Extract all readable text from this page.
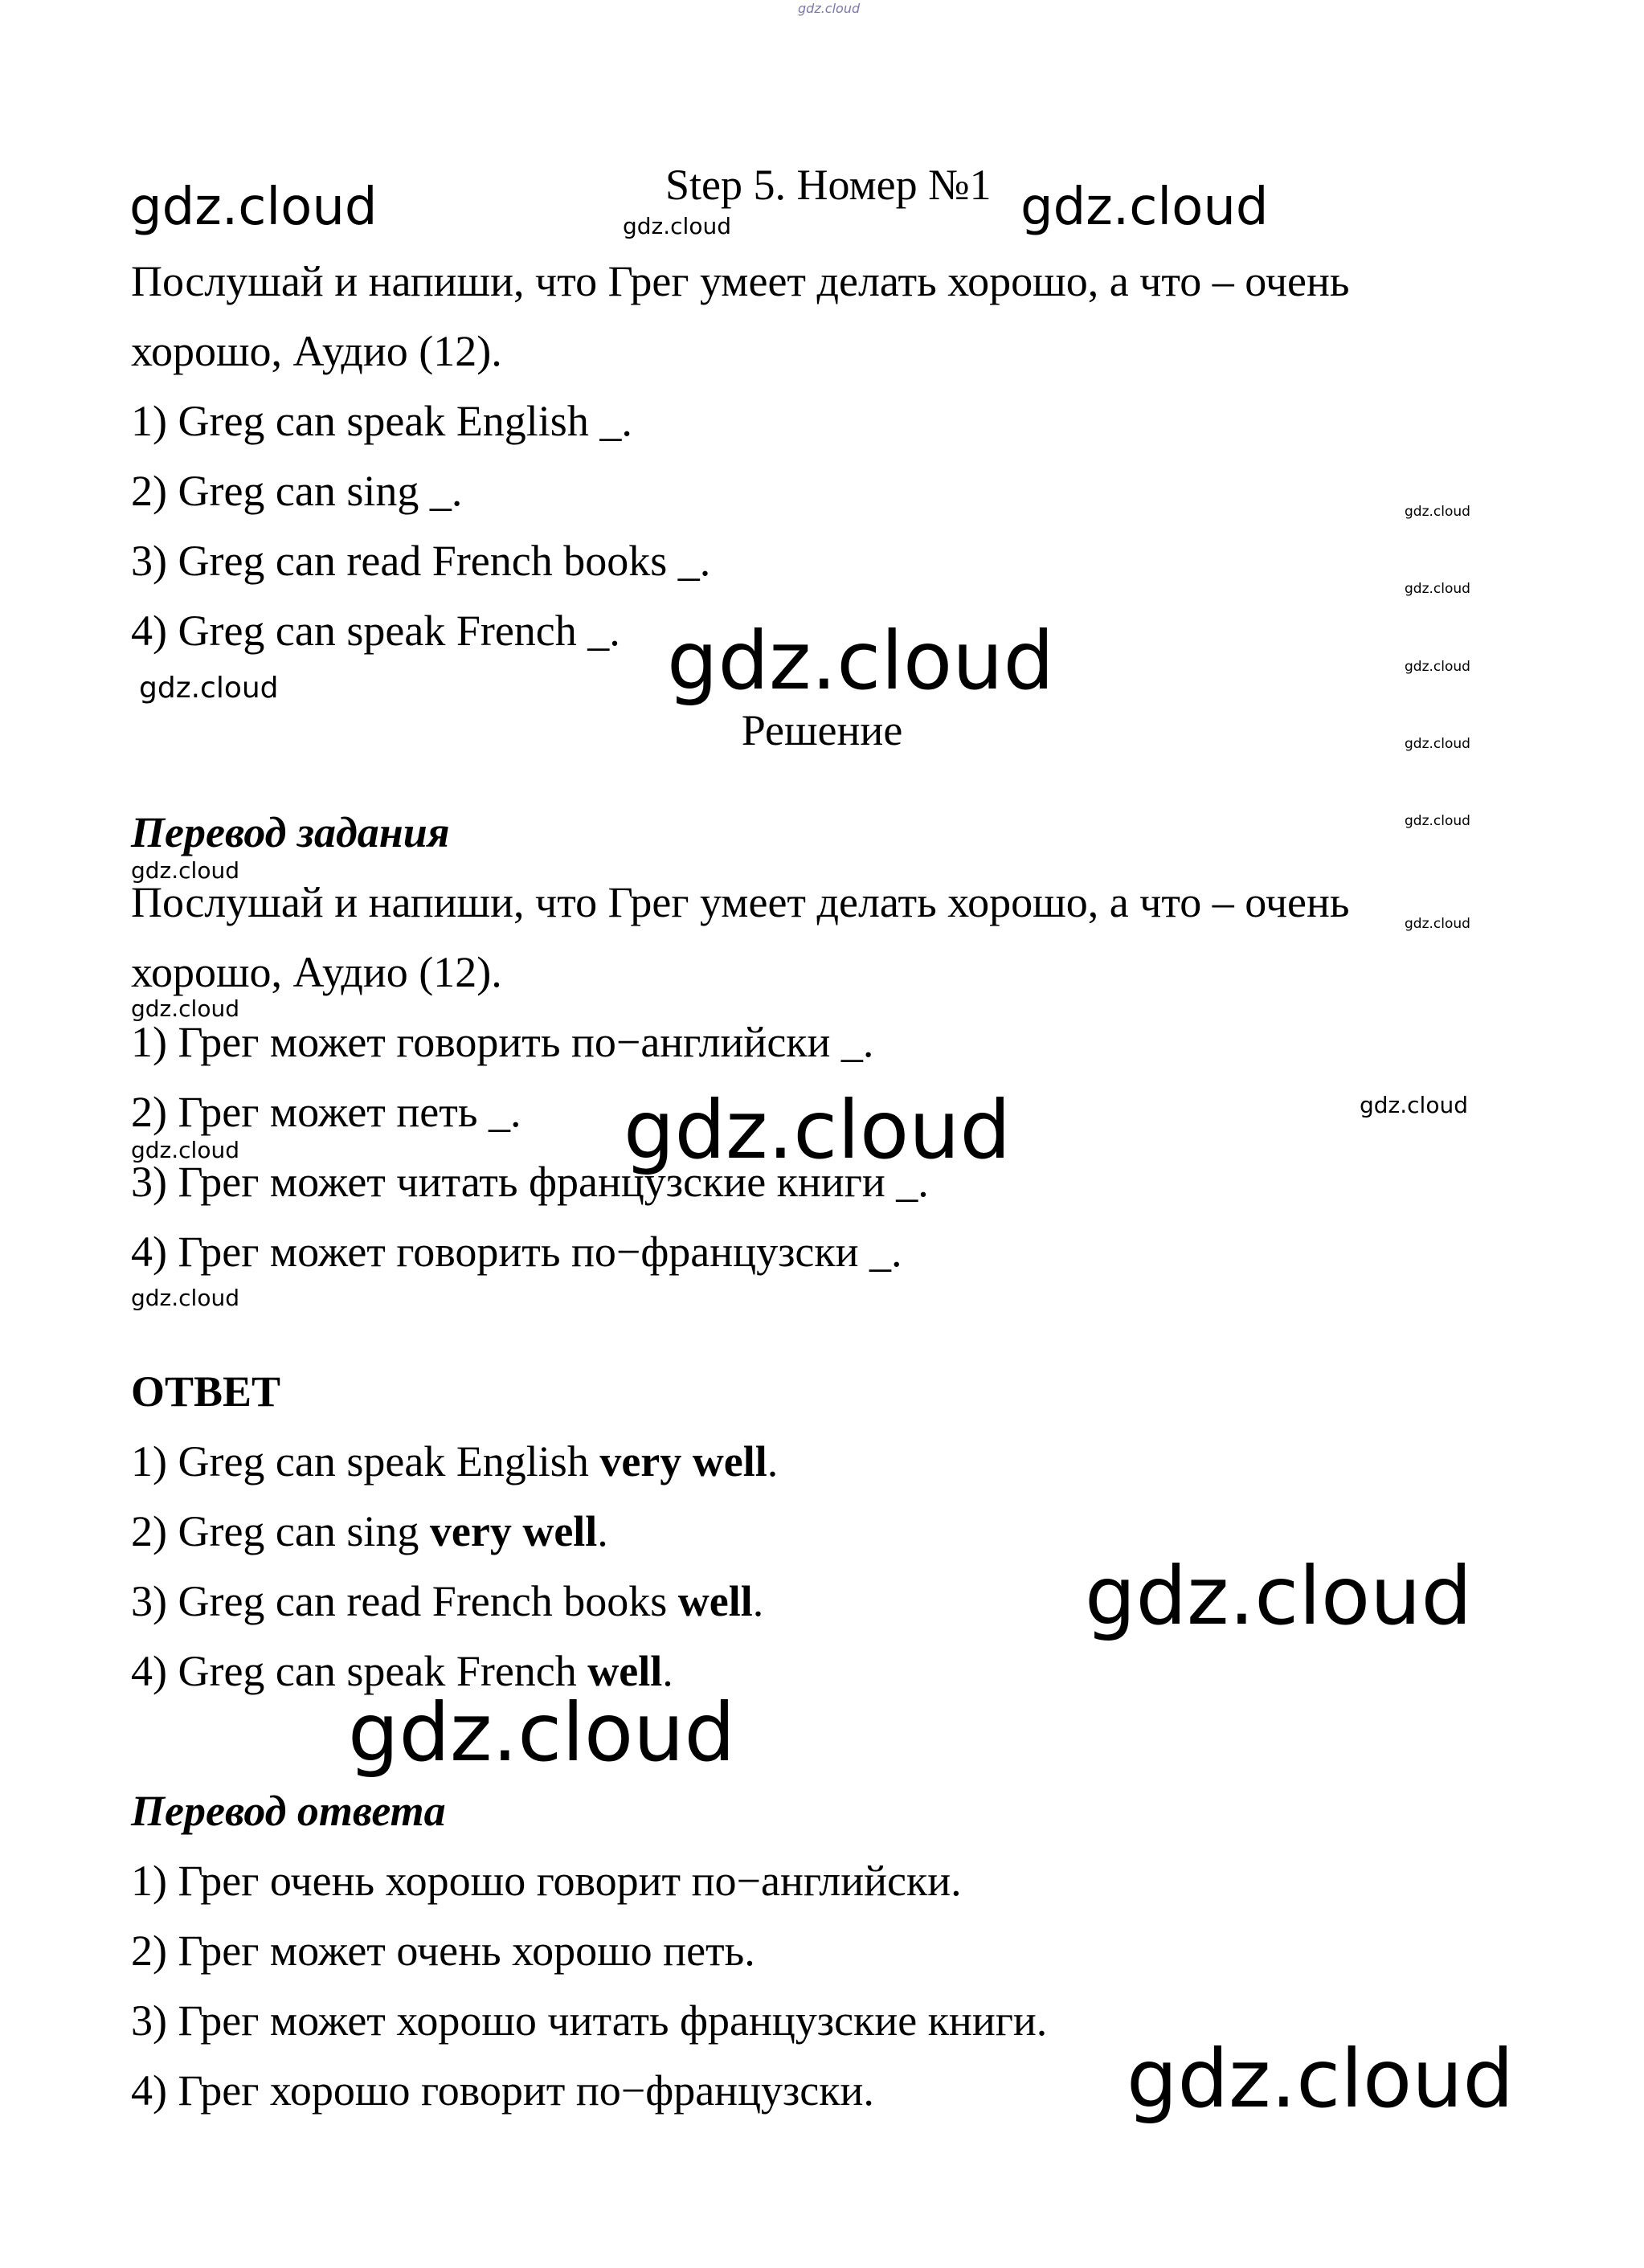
gdz.cloud
gdz.cloud	gdz.cloud	gdz.cloud
gdz.cloud
gdz.cloud
gdz.cloud
gdz.cloud
gdz.cloud
gdz.cloud
gdz.cloud
gdz.cloud
gdz.cloud
gdz.cloud
gdz.cloud
gdz.cloud
gdz.cloud
gdz.cloud
gdz.cloud
gdz.cloud
gdz.cloud
Step 5. Номер №1
Послушай и напиши, что Грег умеет делать хорошо, а что – очень
хорошо, Аудио (12).
1) Greg can speak English _.
2) Greg can sing _.
3) Greg can read French books _.
4) Greg can speak French _.
Решение
Перевод задания
Послушай и напиши, что Грег умеет делать хорошо, а что – очень
хорошо, Аудио (12).
1) Грег может говорить по−английски _.
2) Грег может петь _.
3) Грег может читать французские книги _.
4) Грег может говорить по−французски _.
ОТВЕТ
1) Greg can speak English very well.
2) Greg can sing very well.
3) Greg can read French books well.
4) Greg can speak French well.
Перевод ответа
1) Грег очень хорошо говорит по−английски.
2) Грег может очень хорошо петь.
3) Грег может хорошо читать французские книги.
4) Грег хорошо говорит по−французски.
